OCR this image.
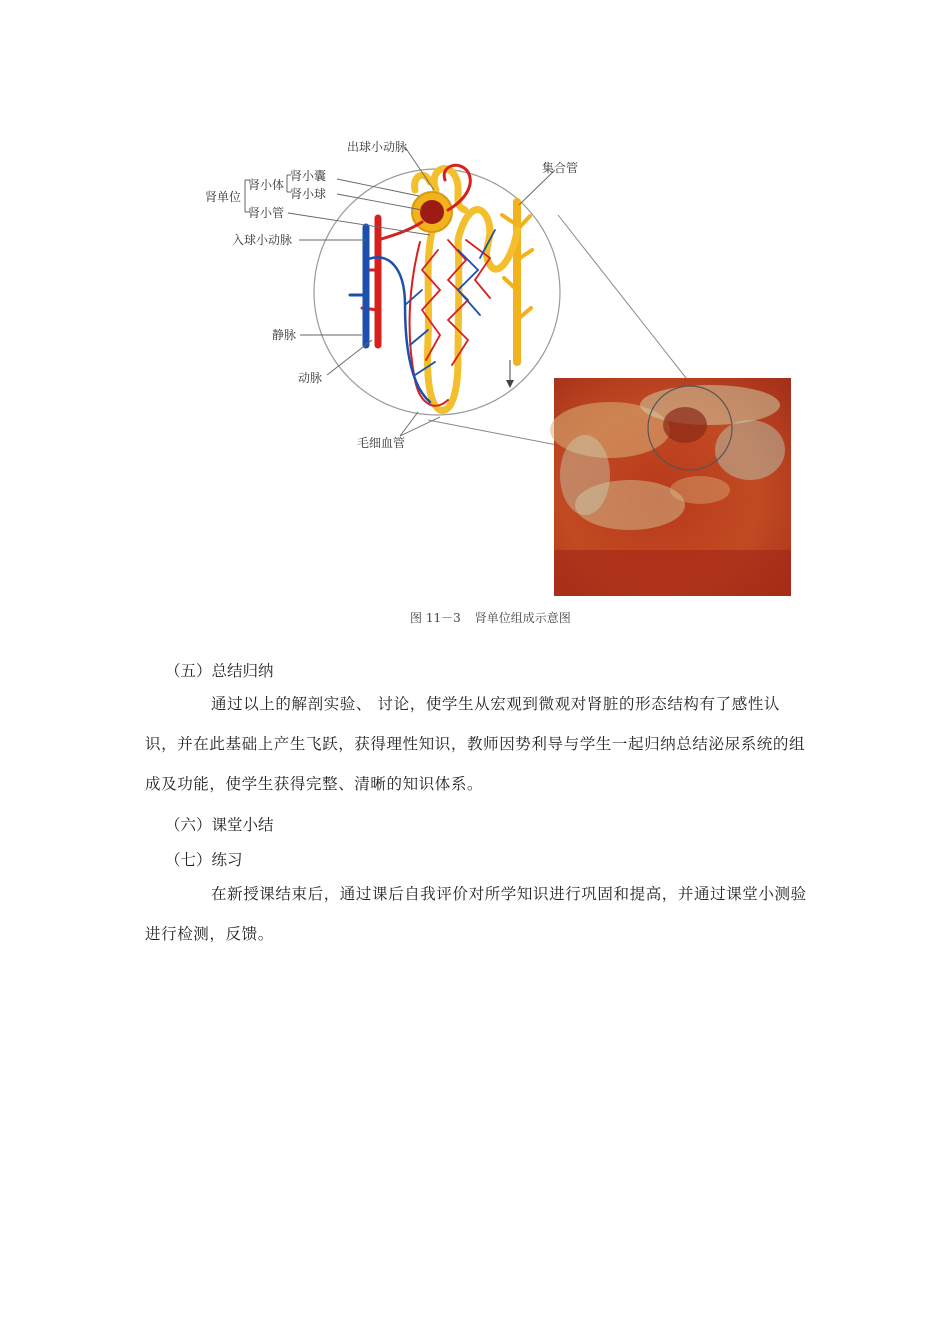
出球小动脉
集合管
肾单位
肾小体
肾小囊
肾小球
肾小管
入球小动脉
静脉
动脉
毛细血管
图 11－3 肾单位组成示意图
（五）总结归纳
通过以上的解剖实验、 讨论，使学生从宏观到微观对肾脏的形态结构有了感性认识，并在此基础上产生飞跃，获得理性知识，教师因势利导与学生一起归纳总结泌尿系统的组成及功能，使学生获得完整、清晰的知识体系。
（六）课堂小结
（七）练习
在新授课结束后，通过课后自我评价对所学知识进行巩固和提高，并通过课堂小测验进行检测，反馈。
